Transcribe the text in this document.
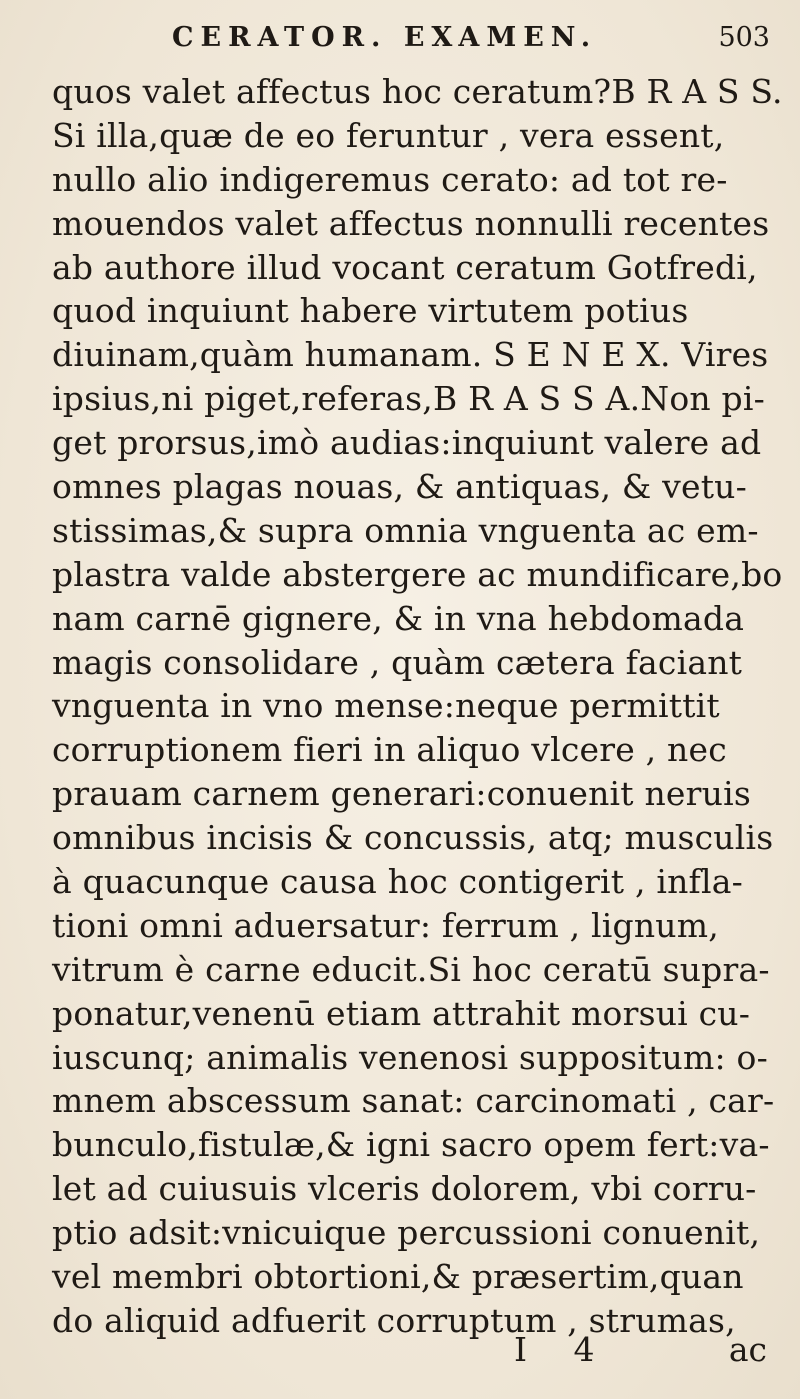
CERATOR. EXAMEN.	503
quos valet affectus hoc ceratum?B R A S S.
Si illa,quæ de eo feruntur , vera essent,
nullo alio indigeremus cerato: ad tot re-
mouendos valet affectus nonnulli recentes
ab authore illud vocant ceratum Gotfredi,
quod inquiunt habere virtutem potius
diuinam,quàm humanam. S E N E X. Vires
ipsius,ni piget,referas,B R A S S A.Non pi-
get prorsus,imò audias:inquiunt valere ad
omnes plagas nouas, & antiquas, & vetu-
stissimas,& supra omnia vnguenta ac em-
plastra valde abstergere ac mundificare,bo
nam carnē gignere, & in vna hebdomada
magis consolidare , quàm cætera faciant
vnguenta in vno mense:neque permittit
corruptionem fieri in aliquo vlcere , nec
prauam carnem generari:conuenit neruis
omnibus incisis & concussis, atq; musculis
à quacunque causa hoc contigerit , infla-
tioni omni aduersatur: ferrum , lignum,
vitrum è carne educit.Si hoc ceratū supra-
ponatur,venenū etiam attrahit morsui cu-
iuscunq; animalis venenosi suppositum: o-
mnem abscessum sanat: carcinomati , car-
bunculo,fistulæ,& igni sacro opem fert:va-
let ad cuiusuis vlceris dolorem, vbi corru-
ptio adsit:vnicuique percussioni conuenit,
vel membri obtortioni,& præsertim,quan
do aliquid adfuerit corruptum , strumas,
I 4	ac
